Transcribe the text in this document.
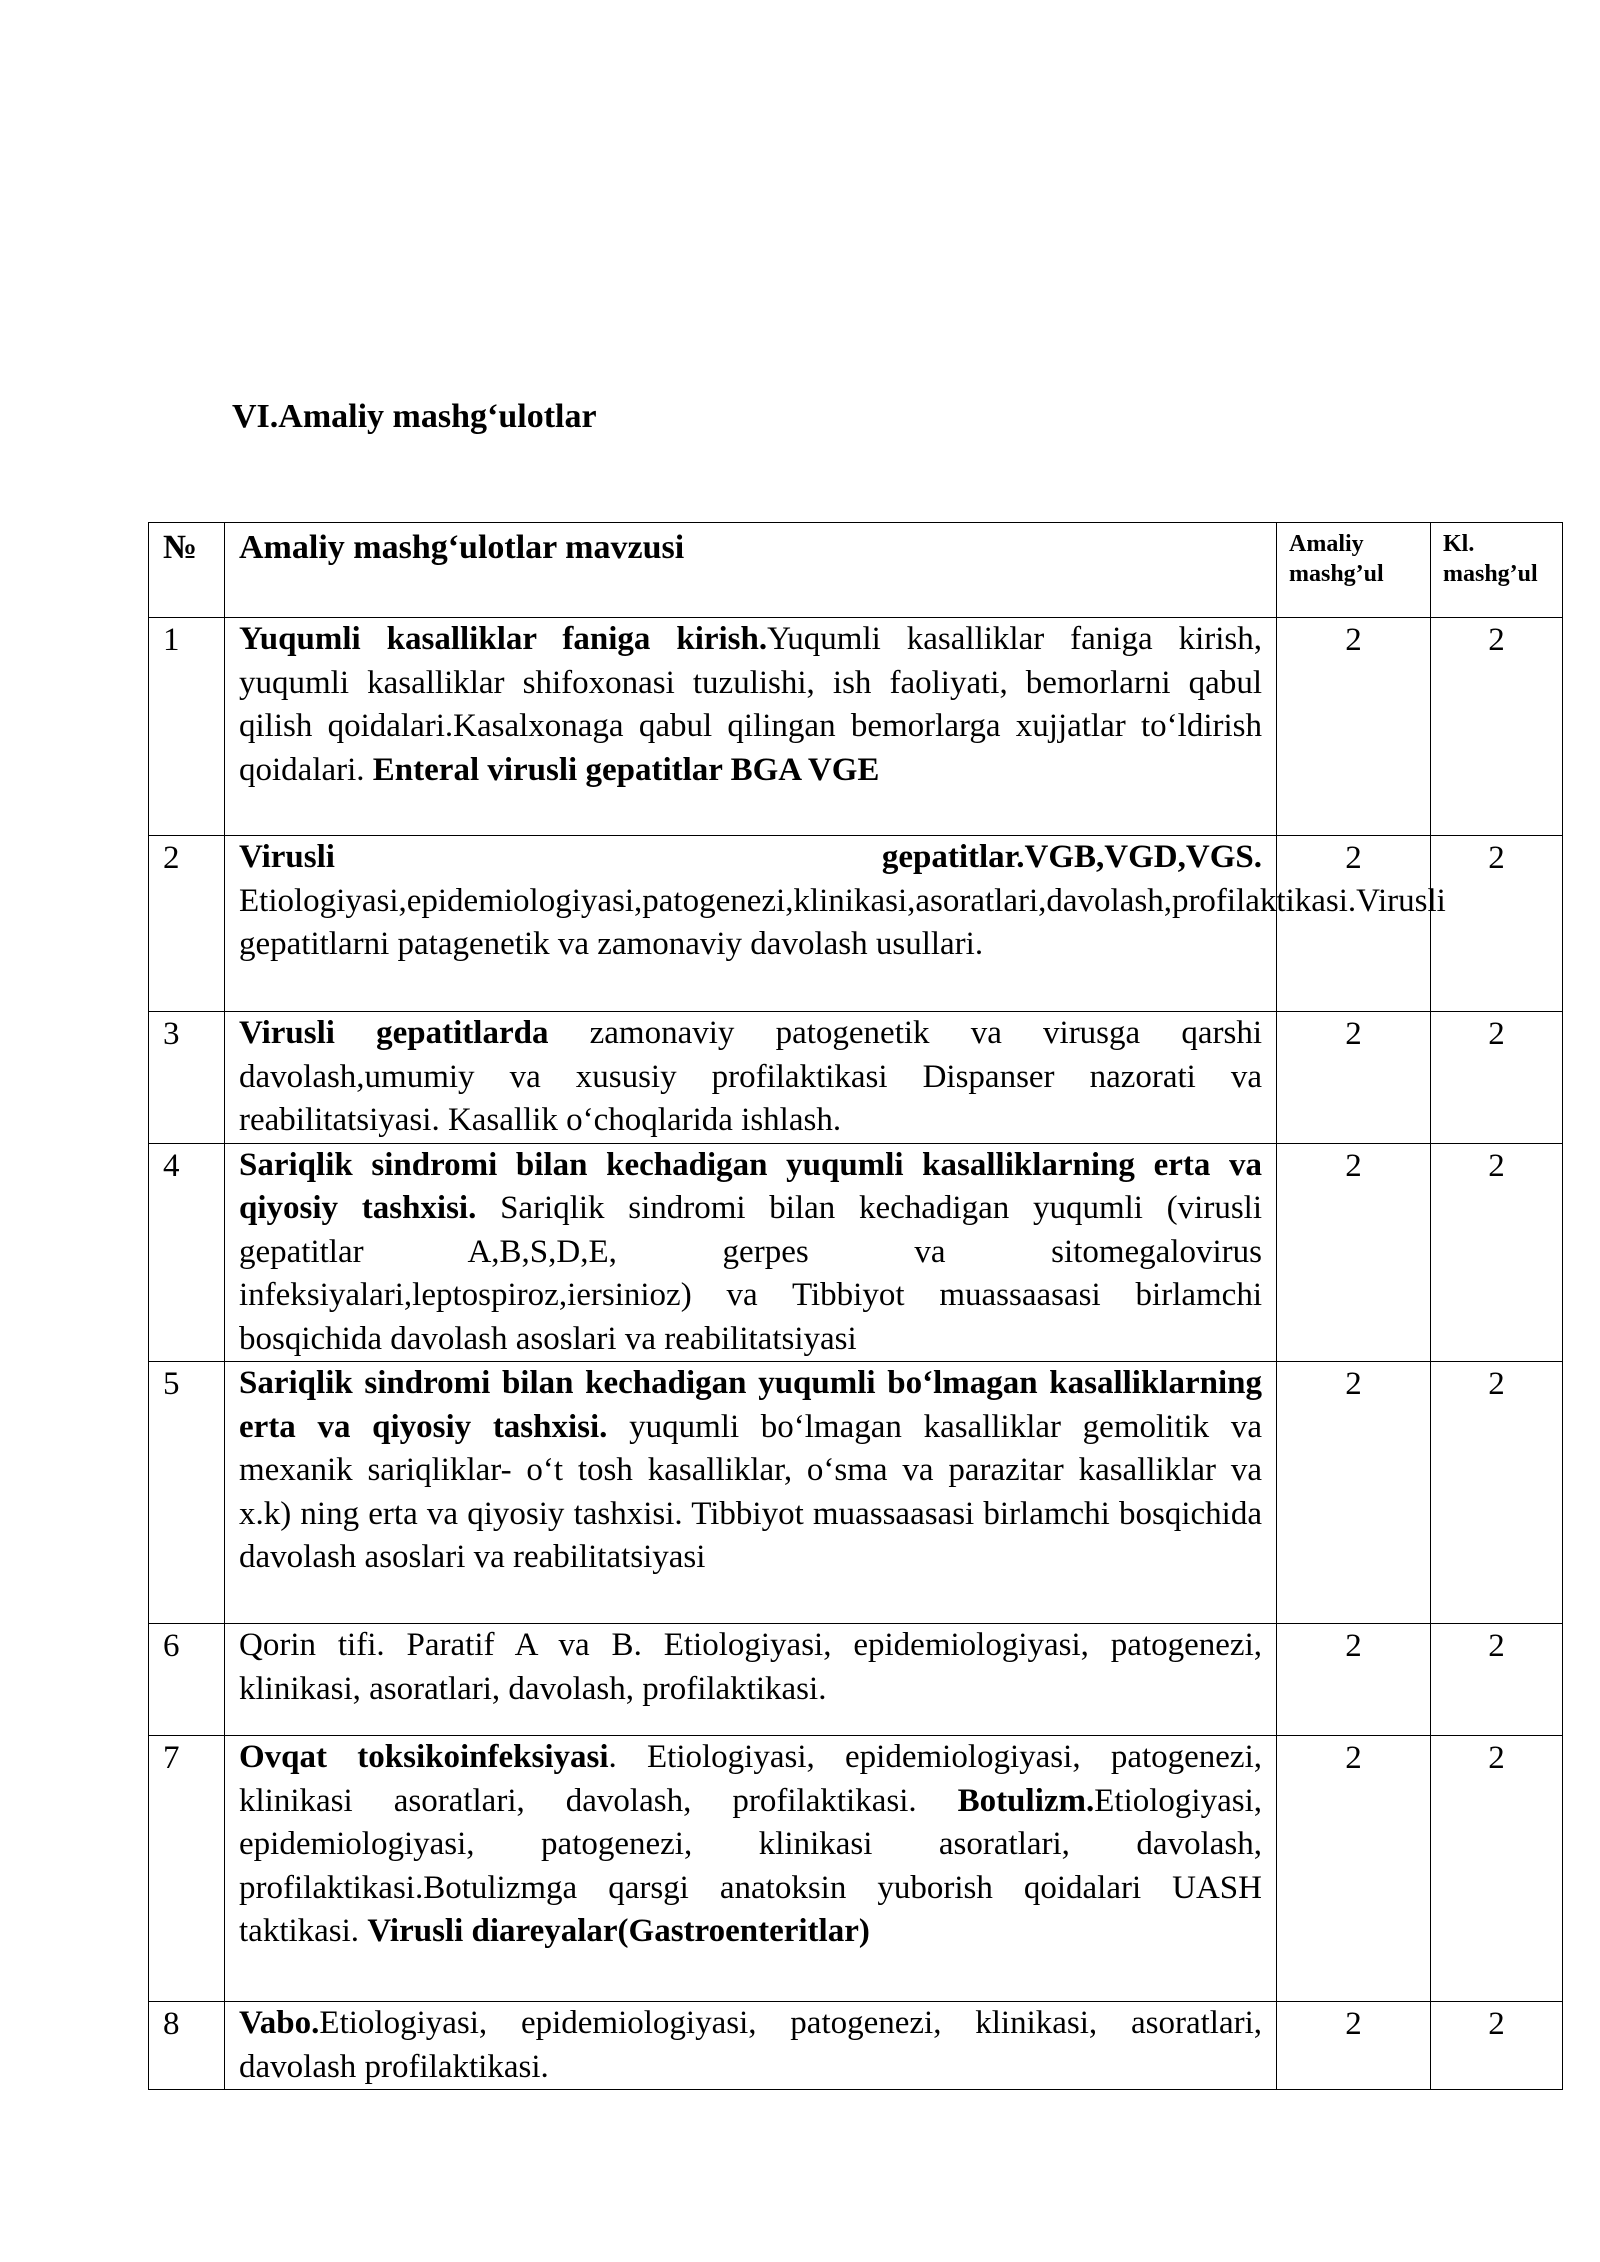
VI.Amaliy mashg‘ulotlar
№	Amaliy mashg‘ulotlar mavzusi	Amaliy mashg’ul	Kl. mashg’ul
1	Yuqumli kasalliklar faniga kirish.Yuqumli kasalliklar faniga kirish, yuqumli kasalliklar shifoxonasi tuzulishi, ish faoliyati, bemorlarni qabul qilish qoidalari.Kasalxonaga qabul qilingan bemorlarga xujjatlar to‘ldirish qoidalari. Enteral virusli gepatitlar BGA VGE	2	2
2	Virusli gepatitlar.VGB,VGD,VGS. Etiologiyasi,epidemiologiyasi,patogenezi,klinikasi,asoratlari,davolash,profilaktikasi.Virusli gepatitlarni patagenetik va zamonaviy davolash usullari.	2	2
3	Virusli gepatitlarda zamonaviy patogenetik va virusga qarshi davolash,umumiy va xususiy profilaktikasi Dispanser nazorati va reabilitatsiyasi. Kasallik o‘choqlarida ishlash.	2	2
4	Sariqlik sindromi bilan kechadigan yuqumli kasalliklarning erta va qiyosiy tashxisi. Sariqlik sindromi bilan kechadigan yuqumli (virusli gepatitlar A,B,S,D,E, gerpes va sitomegalovirus infeksiyalari,leptospiroz,iersinioz) va Tibbiyot muassaasasi birlamchi bosqichida davolash asoslari va reabilitatsiyasi	2	2
5	Sariqlik sindromi bilan kechadigan yuqumli bo‘lmagan kasalliklarning erta va qiyosiy tashxisi. yuqumli bo‘lmagan kasalliklar gemolitik va mexanik sariqliklar- o‘t tosh kasalliklar, o‘sma va parazitar kasalliklar va x.k) ning erta va qiyosiy tashxisi. Tibbiyot muassaasasi birlamchi bosqichida davolash asoslari va reabilitatsiyasi	2	2
6	Qorin tifi. Paratif A va B. Etiologiyasi, epidemiologiyasi, patogenezi, klinikasi, asoratlari, davolash, profilaktikasi.	2	2
7	Ovqat toksikoinfeksiyasi. Etiologiyasi, epidemiologiyasi, patogenezi, klinikasi asoratlari, davolash, profilaktikasi. Botulizm.Etiologiyasi, epidemiologiyasi, patogenezi, klinikasi asoratlari, davolash, profilaktikasi.Botulizmga qarsgi anatoksin yuborish qoidalari UASH taktikasi. Virusli diareyalar(Gastroenteritlar)	2	2
8	Vabo.Etiologiyasi, epidemiologiyasi, patogenezi, klinikasi, asoratlari, davolash profilaktikasi.	2	2
